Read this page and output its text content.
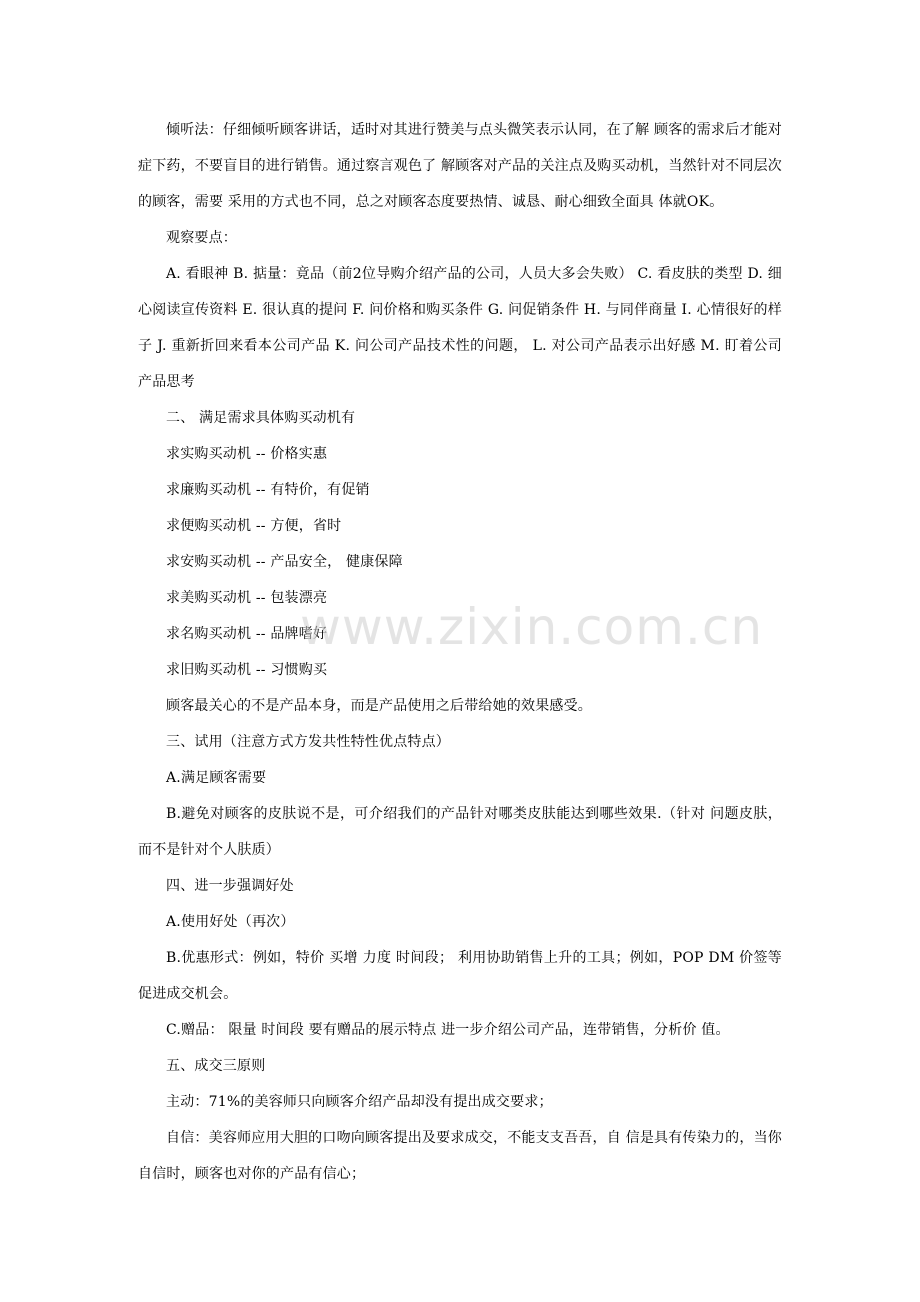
倾听法：仔细倾听顾客讲话，适时对其进行赞美与点头微笑表示认同，在了解 顾客的需求后才能对症下药，不要盲目的进行销售。通过察言观色了 解顾客对产品的关注点及购买动机，当然针对不同层次的顾客，需要 采用的方式也不同，总之对顾客态度要热情、诚恳、耐心细致全面具 体就OK。

观察要点：

A. 看眼神 B. 掂量：竟品（前2位导购介绍产品的公司，人员大多会失败） C. 看皮肤的类型 D. 细心阅读宣传资料 E. 很认真的提问 F. 问价格和购买条件 G. 问促销条件 H. 与同伴商量 I. 心情很好的样子 J. 重新折回来看本公司产品 K. 问公司产品技术性的问题， L. 对公司产品表示出好感 M. 盯着公司产品思考

二、 满足需求具体购买动机有

求实购买动机 -- 价格实惠

求廉购买动机 -- 有特价，有促销

求便购买动机 -- 方便，省时

求安购买动机 -- 产品安全， 健康保障

求美购买动机 -- 包装漂亮

求名购买动机 -- 品牌嗜好

求旧购买动机 -- 习惯购买

顾客最关心的不是产品本身，而是产品使用之后带给她的效果感受。

三、试用（注意方式方发共性特性优点特点）

A.满足顾客需要

B.避免对顾客的皮肤说不是，可介绍我们的产品针对哪类皮肤能达到哪些效果.（针对 问题皮肤，而不是针对个人肤质）

四、进一步强调好处

A.使用好处（再次）

B.优惠形式：例如，特价 买增 力度 时间段； 利用协助销售上升的工具；例如，POP DM 价签等促进成交机会。

C.赠品： 限量 时间段 要有赠品的展示特点 进一步介绍公司产品，连带销售，分析价 值。

五、成交三原则

主动：71%的美容师只向顾客介绍产品却没有提出成交要求；

自信：美容师应用大胆的口吻向顾客提出及要求成交，不能支支吾吾，自 信是具有传染力的，当你自信时，顾客也对你的产品有信心；

www.zixin.com.cn
